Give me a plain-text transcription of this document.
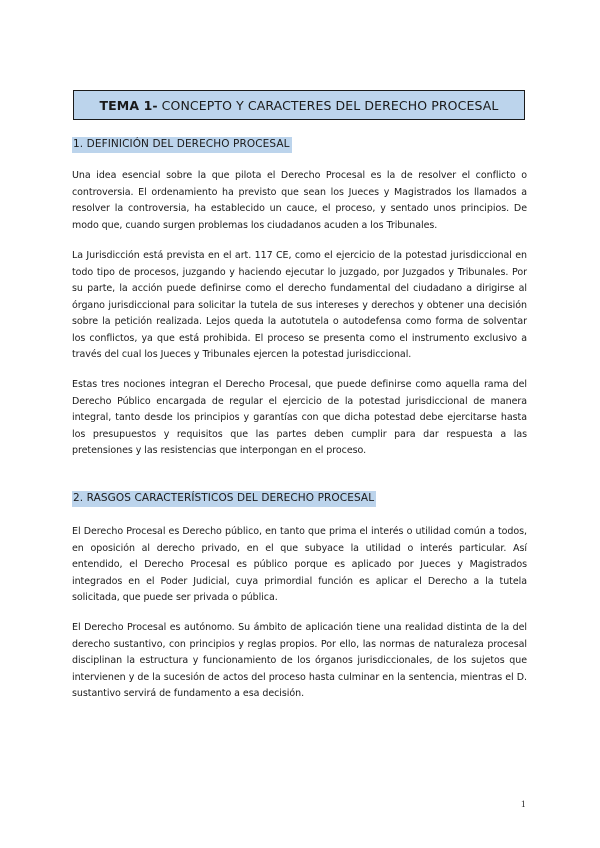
TEMA 1- CONCEPTO Y CARACTERES DEL DERECHO PROCESAL
1. DEFINICIÓN DEL DERECHO PROCESAL

Una idea esencial sobre la que pilota el Derecho Procesal es la de resolver el conflicto o controversia. El ordenamiento ha previsto que sean los Jueces y Magistrados los llamados a resolver la controversia, ha establecido un cauce, el proceso, y sentado unos principios. De modo que, cuando surgen problemas los ciudadanos acuden a los Tribunales.

La Jurisdicción está prevista en el art. 117 CE, como el ejercicio de la potestad jurisdiccional en todo tipo de procesos, juzgando y haciendo ejecutar lo juzgado, por Juzgados y Tribunales. Por su parte, la acción puede definirse como el derecho fundamental del ciudadano a dirigirse al órgano jurisdiccional para solicitar la tutela de sus intereses y derechos y obtener una decisión sobre la petición realizada. Lejos queda la autotutela o autodefensa como forma de solventar los conflictos, ya que está prohibida. El proceso se presenta como el instrumento exclusivo a través del cual los Jueces y Tribunales ejercen la potestad jurisdiccional.

Estas tres nociones integran el Derecho Procesal, que puede definirse como aquella rama del Derecho Público encargada de regular el ejercicio de la potestad jurisdiccional de manera integral, tanto desde los principios y garantías con que dicha potestad debe ejercitarse hasta los presupuestos y requisitos que las partes deben cumplir para dar respuesta a las pretensiones y las resistencias que interpongan en el proceso.

2. RASGOS CARACTERÍSTICOS DEL DERECHO PROCESAL

El Derecho Procesal es Derecho público, en tanto que prima el interés o utilidad común a todos, en oposición al derecho privado, en el que subyace la utilidad o interés particular. Así entendido, el Derecho Procesal es público porque es aplicado por Jueces y Magistrados integrados en el Poder Judicial, cuya primordial función es aplicar el Derecho a la tutela solicitada, que puede ser privada o pública.

El Derecho Procesal es autónomo. Su ámbito de aplicación tiene una realidad distinta de la del derecho sustantivo, con principios y reglas propios. Por ello, las normas de naturaleza procesal disciplinan la estructura y funcionamiento de los órganos jurisdiccionales, de los sujetos que intervienen y de la sucesión de actos del proceso hasta culminar en la sentencia, mientras el D. sustantivo servirá de fundamento a esa decisión.

1
